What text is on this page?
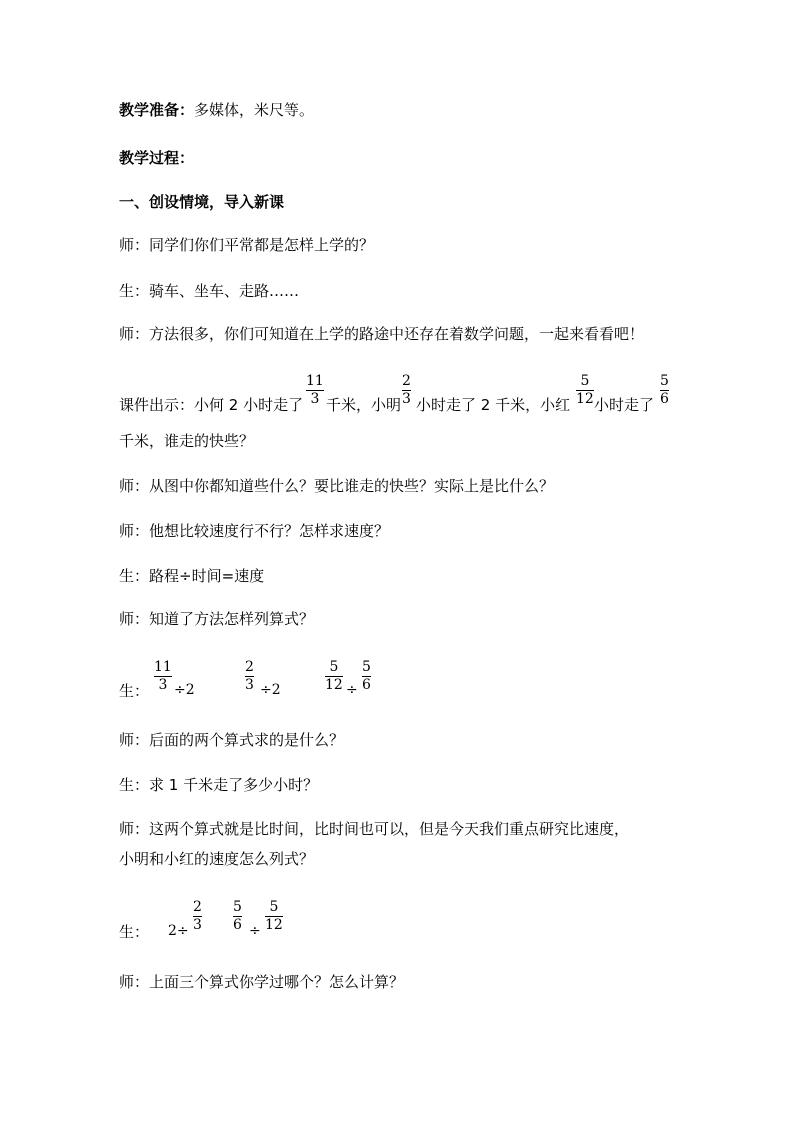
教学准备：多媒体，米尺等。
教学过程：
一、创设情境，导入新课
师：同学们你们平常都是怎样上学的？
生：骑车、坐车、走路……
师：方法很多，你们可知道在上学的路途中还存在着数学问题，一起来看看吧！
课件出示：小何 2 小时走了
11
3 千米，小明
2
3 小时走了 2 千米，小红
5
12 小时走了
5
6
千米，谁走的快些？
师：从图中你都知道些什么？要比谁走的快些？实际上是比什么？
师：他想比较速度行不行？怎样求速度？
生：路程÷时间=速度
师：知道了方法怎样列算式？
生：
11
3 ÷2
2
3 ÷2
5
12 ÷
5
6
师：后面的两个算式求的是什么？
生：求 1 千米走了多少小时？
师：这两个算式就是比时间，比时间也可以，但是今天我们重点研究比速度，
小明和小红的速度怎么列式？
生： 2÷
2
3
5
6 ÷
5
12
师：上面三个算式你学过哪个？怎么计算？
